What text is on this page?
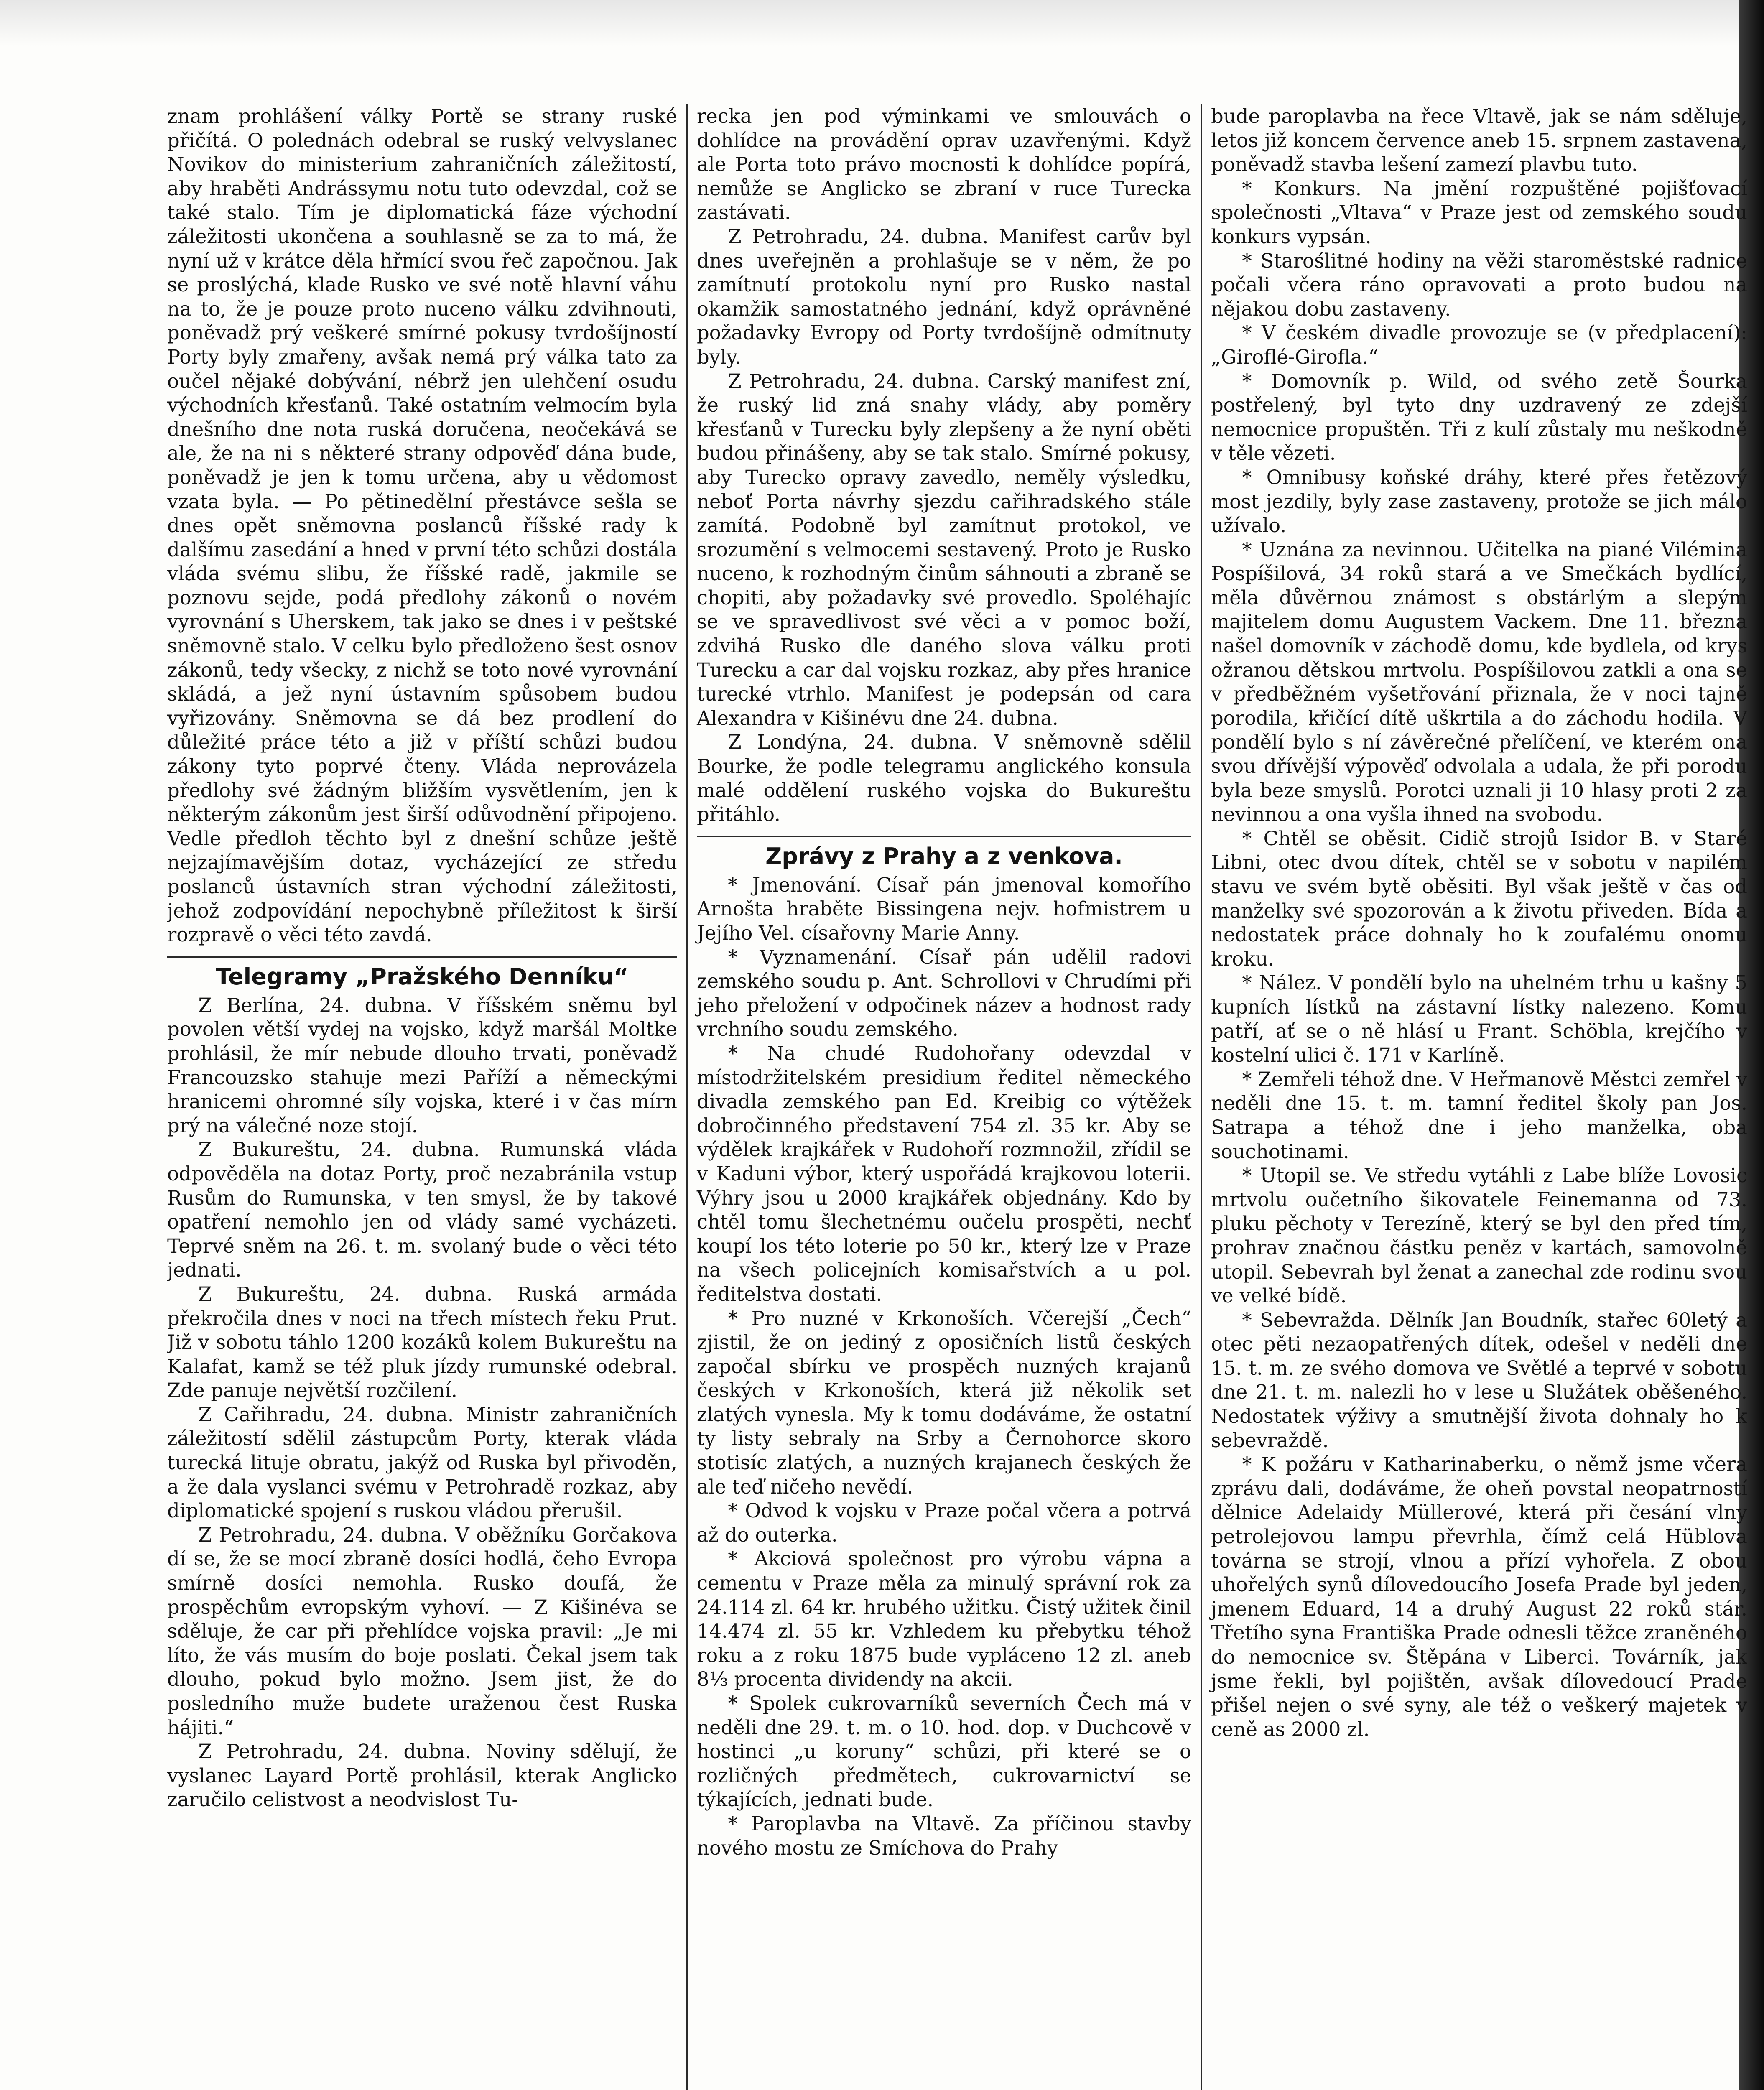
znam prohlášení války Portě se strany ruské přičítá. O polednách odebral se ruský velvyslanec Novikov do ministerium zahraničních záležitostí, aby hraběti Andrássymu notu tuto odevzdal, což se také stalo. Tím je diplomatická fáze východní záležitosti ukončena a souhlasně se za to má, že nyní už v krátce děla hřmící svou řeč započnou. Jak se proslýchá, klade Rusko ve své notě hlavní váhu na to, že je pouze proto nuceno válku zdvihnouti, poněvadž prý veškeré smírné pokusy tvrdošíjností Porty byly zmařeny, avšak nemá prý válka tato za oučel nějaké dobývání, nébrž jen ulehčení osudu východních křesťanů. Také ostatním velmocím byla dnešního dne nota ruská doručena, neočekává se ale, že na ni s některé strany odpověď dána bude, poněvadž je jen k tomu určena, aby u vědomost vzata byla. — Po pětinedělní přestávce sešla se dnes opět sněmovna poslanců říšské rady k dalšímu zasedání a hned v první této schůzi dostála vláda svému slibu, že říšské radě, jakmile se poznovu sejde, podá předlohy zákonů o novém vyrovnání s Uherskem, tak jako se dnes i v peštské sněmovně stalo. V celku bylo předloženo šest osnov zákonů, tedy všecky, z nichž se toto nové vyrovnání skládá, a jež nyní ústavním spůsobem budou vyřizovány. Sněmovna se dá bez prodlení do důležité práce této a již v příští schůzi budou zákony tyto poprvé čteny. Vláda neprovázela předlohy své žádným bližším vysvětlením, jen k některým zákonům jest širší odůvodnění připojeno. Vedle předloh těchto byl z dnešní schůze ještě nejzajímavějším dotaz, vycházející ze středu poslanců ústavních stran východní záležitosti, jehož zodpovídání nepochybně příležitost k širší rozpravě o věci této zavdá.

Telegramy „Pražského Denníku“

Z Berlína, 24. dubna. V říšském sněmu byl povolen větší vydej na vojsko, když maršál Moltke prohlásil, že mír nebude dlouho trvati, poněvadž Francouzsko stahuje mezi Paříží a německými hranicemi ohromné síly vojska, které i v čas mírn prý na válečné noze stojí.

Z Bukureštu, 24. dubna. Rumunská vláda odpověděla na dotaz Porty, proč nezabránila vstup Rusům do Rumunska, v ten smysl, že by takové opatření nemohlo jen od vlády samé vycházeti. Teprvé sněm na 26. t. m. svolaný bude o věci této jednati.

Z Bukureštu, 24. dubna. Ruská armáda překročila dnes v noci na třech místech řeku Prut. Již v sobotu táhlo 1200 kozáků kolem Bukureštu na Kalafat, kamž se též pluk jízdy rumunské odebral. Zde panuje největší rozčilení.

Z Cařihradu, 24. dubna. Ministr zahraničních záležitostí sdělil zástupcům Porty, kterak vláda turecká lituje obratu, jakýž od Ruska byl přivoděn, a že dala vyslanci svému v Petrohradě rozkaz, aby diplomatické spojení s ruskou vládou přerušil.

Z Petrohradu, 24. dubna. V oběžníku Gorčakova dí se, že se mocí zbraně dosíci hodlá, čeho Evropa smírně dosíci nemohla. Rusko doufá, že prospěchům evropským vyhoví. — Z Kišinéva se sděluje, že car při přehlídce vojska pravil: „Je mi líto, že vás musím do boje poslati. Čekal jsem tak dlouho, pokud bylo možno. Jsem jist, že do posledního muže budete uraženou čest Ruska hájiti.“

Z Petrohradu, 24. dubna. Noviny sdělují, že vyslanec Layard Portě prohlásil, kterak Anglicko zaručilo celistvost a neodvislost Tu-

recka jen pod výminkami ve smlouvách o dohlídce na provádění oprav uzavřenými. Když ale Porta toto právo mocnosti k dohlídce popírá, nemůže se Anglicko se zbraní v ruce Turecka zastávati.

Z Petrohradu, 24. dubna. Manifest carův byl dnes uveřejněn a prohlašuje se v něm, že po zamítnutí protokolu nyní pro Rusko nastal okamžik samostatného jednání, když oprávněné požadavky Evropy od Porty tvrdošíjně odmítnuty byly.

Z Petrohradu, 24. dubna. Carský manifest zní, že ruský lid zná snahy vlády, aby poměry křesťanů v Turecku byly zlepšeny a že nyní oběti budou přinášeny, aby se tak stalo. Smírné pokusy, aby Turecko opravy zavedlo, neměly výsledku, neboť Porta návrhy sjezdu cařihradského stále zamítá. Podobně byl zamítnut protokol, ve srozumění s velmocemi sestavený. Proto je Rusko nuceno, k rozhodným činům sáhnouti a zbraně se chopiti, aby požadavky své provedlo. Spoléhajíc se ve spravedlivost své věci a v pomoc boží, zdvihá Rusko dle daného slova válku proti Turecku a car dal vojsku rozkaz, aby přes hranice turecké vtrhlo. Manifest je podepsán od cara Alexandra v Kišinévu dne 24. dubna.

Z Londýna, 24. dubna. V sněmovně sdělil Bourke, že podle telegramu anglického konsula malé oddělení ruského vojska do Bukureštu přitáhlo.

Zprávy z Prahy a z venkova.

* Jmenování. Císař pán jmenoval komořího Arnošta hraběte Bissingena nejv. hofmistrem u Jejího Vel. císařovny Marie Anny.

* Vyznamenání. Císař pán udělil radovi zemského soudu p. Ant. Schrollovi v Chrudími při jeho přeložení v odpočinek název a hodnost rady vrchního soudu zemského.

* Na chudé Rudohořany odevzdal v místodržitelském presidium ředitel německého divadla zemského pan Ed. Kreibig co výtěžek dobročinného představení 754 zl. 35 kr. Aby se výdělek krajkářek v Rudohoří rozmnožil, zřídil se v Kaduni výbor, který uspořádá krajkovou loterii. Výhry jsou u 2000 krajkářek objednány. Kdo by chtěl tomu šlechetnému oučelu prospěti, nechť koupí los této loterie po 50 kr., který lze v Praze na všech policejních komisařstvích a u pol. ředitelstva dostati.

* Pro nuzné v Krkonoších. Včerejší „Čech“ zjistil, že on jediný z oposičních listů českých započal sbírku ve prospěch nuzných krajanů českých v Krkonoších, která již několik set zlatých vynesla. My k tomu dodáváme, že ostatní ty listy sebraly na Srby a Černohorce skoro stotisíc zlatých, a nuzných krajanech českých že ale teď ničeho nevědí.

* Odvod k vojsku v Praze počal včera a potrvá až do outerka.

* Akciová společnost pro výrobu vápna a cementu v Praze měla za minulý správní rok za 24.114 zl. 64 kr. hrubého užitku. Čistý užitek činil 14.474 zl. 55 kr. Vzhledem ku přebytku téhož roku a z roku 1875 bude vypláceno 12 zl. aneb 8⅓ procenta dividendy na akcii.

* Spolek cukrovarníků severních Čech má v neděli dne 29. t. m. o 10. hod. dop. v Duchcově v hostinci „u koruny“ schůzi, při které se o rozličných předmětech, cukrovarnictví se týkajících, jednati bude.

* Paroplavba na Vltavě. Za příčinou stavby nového mostu ze Smíchova do Prahy

bude paroplavba na řece Vltavě, jak se nám sděluje, letos již koncem července aneb 15. srpnem zastavena, poněvadž stavba lešení zamezí plavbu tuto.

* Konkurs. Na jmění rozpuštěné pojišťovací společnosti „Vltava“ v Praze jest od zemského soudu konkurs vypsán.

* Staroślitné hodiny na věži staroměstské radnice počali včera ráno opravovati a proto budou na nějakou dobu zastaveny.

* V českém divadle provozuje se (v předplacení): „Giroflé-Girofla.“

* Domovník p. Wild, od svého zetě Šourka postřelený, byl tyto dny uzdravený ze zdejší nemocnice propuštěn. Tři z kulí zůstaly mu neškodně v těle vězeti.

* Omnibusy koňské dráhy, které přes řetězový most jezdily, byly zase zastaveny, protože se jich málo užívalo.

* Uznána za nevinnou. Učitelka na piané Vilémina Pospíšilová, 34 roků stará a ve Smečkách bydlící, měla důvěrnou známost s obstárlým a slepým majitelem domu Augustem Vackem. Dne 11. března našel domovník v záchodě domu, kde bydlela, od krys ožranou dětskou mrtvolu. Pospíšilovou zatkli a ona se v předběžném vyšetřování přiznala, že v noci tajně porodila, křičící dítě uškrtila a do záchodu hodila. V pondělí bylo s ní závěrečné přelíčení, ve kterém ona svou dřívější výpověď odvolala a udala, že při porodu byla beze smyslů. Porotci uznali ji 10 hlasy proti 2 za nevinnou a ona vyšla ihned na svobodu.

* Chtěl se oběsit. Cidič strojů Isidor B. v Staré Libni, otec dvou dítek, chtěl se v sobotu v napilém stavu ve svém bytě oběsiti. Byl však ještě v čas od manželky své spozorován a k životu přiveden. Bída a nedostatek práce dohnaly ho k zoufalému onomu kroku.

* Nález. V pondělí bylo na uhelném trhu u kašny 5 kupních lístků na zástavní lístky nalezeno. Komu patří, ať se o ně hlásí u Frant. Schöbla, krejčího v kostelní ulici č. 171 v Karlíně.

* Zemřeli téhož dne. V Heřmanově Městci zemřel v neděli dne 15. t. m. tamní ředitel školy pan Jos. Satrapa a téhož dne i jeho manželka, oba souchotinami.

* Utopil se. Ve středu vytáhli z Labe blíže Lovosic mrtvolu oučetního šikovatele Feinemanna od 73. pluku pěchoty v Terezíně, který se byl den před tím, prohrav značnou částku peněz v kartách, samovolně utopil. Sebevrah byl ženat a zanechal zde rodinu svou ve velké bídě.

* Sebevražda. Dělník Jan Boudník, stařec 60letý a otec pěti nezaopatřených dítek, odešel v neděli dne 15. t. m. ze svého domova ve Světlé a teprvé v sobotu dne 21. t. m. nalezli ho v lese u Služátek oběšeného. Nedostatek výživy a smutnější života dohnaly ho k sebevraždě.

* K požáru v Katharinaberku, o němž jsme včera zprávu dali, dodáváme, že oheň povstal neopatrností dělnice Adelaidy Müllerové, která při česání vlny petrolejovou lampu převrhla, čímž celá Hüblova továrna se strojí, vlnou a přízí vyhořela. Z obou uhořelých synů dílovedoucího Josefa Prade byl jeden, jmenem Eduard, 14 a druhý August 22 roků stár. Třetího syna Františka Prade odnesli těžce zraněného do nemocnice sv. Štěpána v Liberci. Továrník, jak jsme řekli, byl pojištěn, avšak dílovedoucí Prade přišel nejen o své syny, ale též o veškerý majetek v ceně as 2000 zl.
